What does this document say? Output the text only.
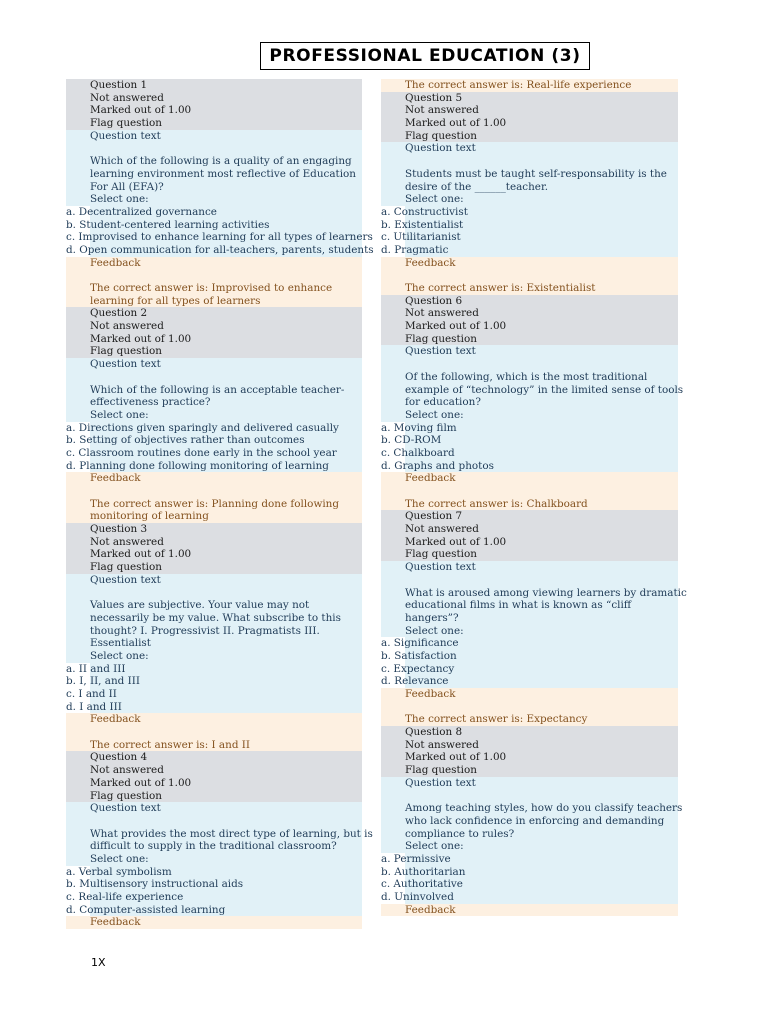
PROFESSIONAL EDUCATION (3)
Question 1
Not answered
Marked out of 1.00
Flag question
Question text
Which of the following is a quality of an engaging
learning environment most reflective of Education
For All (EFA)?
Select one:
a. Decentralized governance
b. Student-centered learning activities
c. Improvised to enhance learning for all types of learners
d. Open communication for all-teachers, parents, students
Feedback
The correct answer is: Improvised to enhance
learning for all types of learners
Question 2
Not answered
Marked out of 1.00
Flag question
Question text
Which of the following is an acceptable teacher-
effectiveness practice?
Select one:
a. Directions given sparingly and delivered casually
b. Setting of objectives rather than outcomes
c. Classroom routines done early in the school year
d. Planning done following monitoring of learning
Feedback
The correct answer is: Planning done following
monitoring of learning
Question 3
Not answered
Marked out of 1.00
Flag question
Question text
Values are subjective. Your value may not
necessarily be my value. What subscribe to this
thought? I. Progressivist II. Pragmatists III.
Essentialist
Select one:
a. II and III
b. I, II, and III
c. I and II
d. I and III
Feedback
The correct answer is: I and II
Question 4
Not answered
Marked out of 1.00
Flag question
Question text
What provides the most direct type of learning, but is
difficult to supply in the traditional classroom?
Select one:
a. Verbal symbolism
b. Multisensory instructional aids
c. Real-life experience
d. Computer-assisted learning
Feedback
The correct answer is: Real-life experience
Question 5
Not answered
Marked out of 1.00
Flag question
Question text
Students must be taught self-responsability is the
desire of the ______teacher.
Select one:
a. Constructivist
b. Existentialist
c. Utilitarianist
d. Pragmatic
Feedback
The correct answer is: Existentialist
Question 6
Not answered
Marked out of 1.00
Flag question
Question text
Of the following, which is the most traditional
example of “technology” in the limited sense of tools
for education?
Select one:
a. Moving film
b. CD-ROM
c. Chalkboard
d. Graphs and photos
Feedback
The correct answer is: Chalkboard
Question 7
Not answered
Marked out of 1.00
Flag question
Question text
What is aroused among viewing learners by dramatic
educational films in what is known as “cliff
hangers”?
Select one:
a. Significance
b. Satisfaction
c. Expectancy
d. Relevance
Feedback
The correct answer is: Expectancy
Question 8
Not answered
Marked out of 1.00
Flag question
Question text
Among teaching styles, how do you classify teachers
who lack confidence in enforcing and demanding
compliance to rules?
Select one:
a. Permissive
b. Authoritarian
c. Authoritative
d. Uninvolved
Feedback
1X
